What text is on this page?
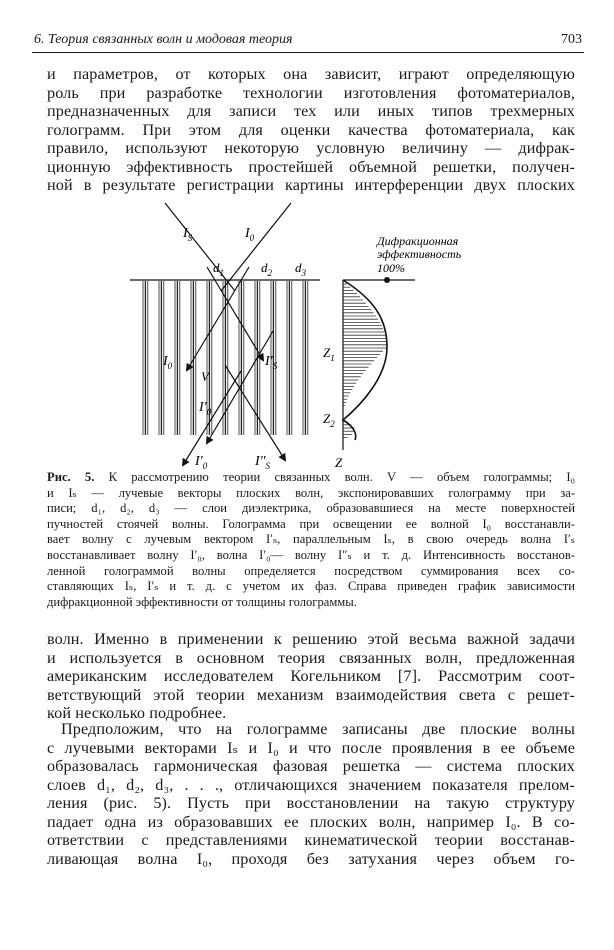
6. Теория связанных волн и модовая теория	703
и параметров, от которых она зависит, играют определяющую
роль при разработке технологии изготовления фотоматериалов,
предназначенных для записи тех или иных типов трехмерных
голограмм. При этом для оценки качества фотоматериала, как
правило, используют некоторую условную величину — дифрак-
ционную эффективность простейшей объемной решетки, получен-
ной в результате регистрации картины интерференции двух плоских
$I_S$	$I_0$
$I_0$	$I'_S$
$I'_0$
$I'_0$	$I''_S$
$d_1$	$d_2$ $d_3$
V
Дифракционная
эффективность
100%
$Z_1$
$Z_2$
Z
Рис. 5. К рассмотрению теории связанных волн. V — объем голограммы; I₀
и Iₛ — лучевые векторы плоских волн, экспонировавших голограмму при за-
писи; d₁, d₂, d₃ — слои диэлектрика, образовавшиеся на месте поверхностей
пучностей стоячей волны. Голограмма при освещении ее волной I₀ восстанавли-
вает волну с лучевым вектором I′ₛ, параллельным Iₛ, в свою очередь волна I′ₛ
восстанавливает волну I′₀, волна I′₀— волну I″ₛ и т. д. Интенсивность восстанов-
ленной голограммой волны определяется посредством суммирования всех со-
ставляющих Iₛ, I′ₛ и т. д. с учетом их фаз. Справа приведен график зависимости
дифракционной эффективности от толщины голограммы.
волн. Именно в применении к решению этой весьма важной задачи
и используется в основном теория связанных волн, предложенная
американским исследователем Когельником [7]. Рассмотрим соот-
ветствующий этой теории механизм взаимодействия света с решет-
кой несколько подробнее.
Предположим, что на голограмме записаны две плоские волны
с лучевыми векторами Iₛ и I₀ и что после проявления в ее объеме
образовалась гармоническая фазовая решетка — система плоских
слоев d₁, d₂, d₃, . . ., отличающихся значением показателя прелом-
ления (рис. 5). Пусть при восстановлении на такую структуру
падает одна из образовавших ее плоских волн, например I₀. В со-
ответствии с представлениями кинематической теории восстанав-
ливающая волна I₀, проходя без затухания через объем го-
